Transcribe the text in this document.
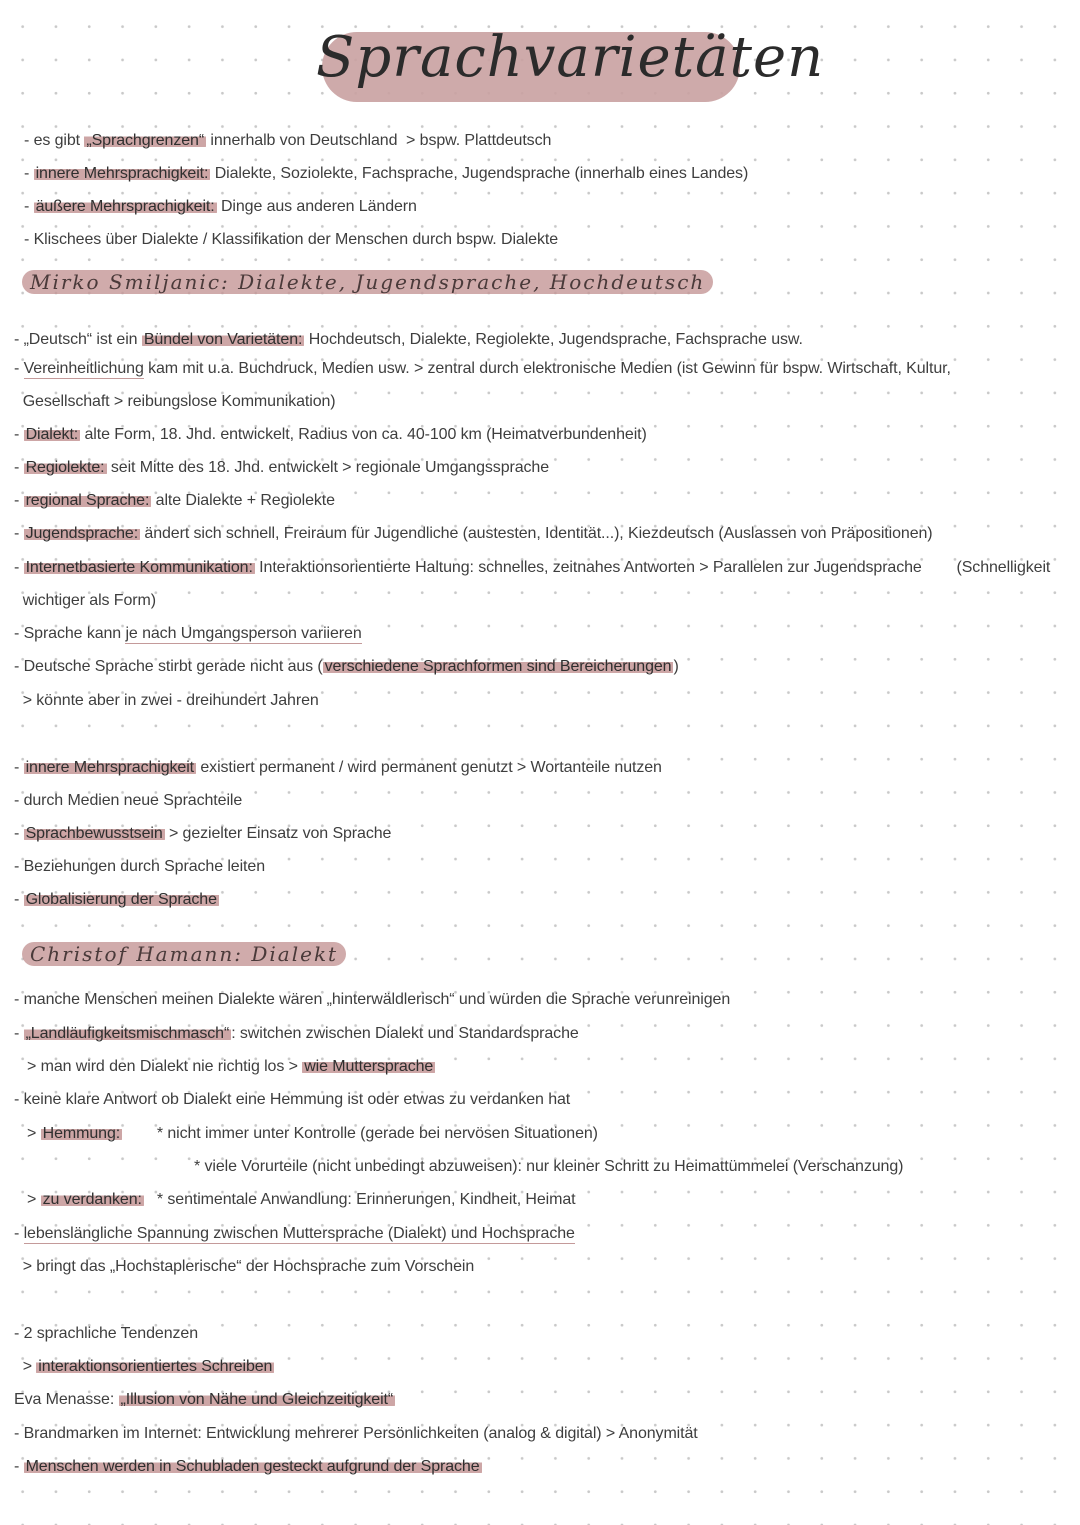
Sprachvarietäten
- es gibt „Sprachgrenzen“ innerhalb von Deutschland  > bspw. Plattdeutsch
- innere Mehrsprachigkeit: Dialekte, Soziolekte, Fachsprache, Jugendsprache (innerhalb eines Landes)
- äußere Mehrsprachigkeit: Dinge aus anderen Ländern
- Klischees über Dialekte / Klassifikation der Menschen durch bspw. Dialekte
- „Deutsch“ ist ein Bündel von Varietäten: Hochdeutsch, Dialekte, Regiolekte, Jugendsprache, Fachsprache usw.
- Vereinheitlichung kam mit u.a. Buchdruck, Medien usw. > zentral durch elektronische Medien (ist Gewinn für bspw. Wirtschaft, Kultur,
Gesellschaft > reibungslose Kommunikation)
- Dialekt: alte Form, 18. Jhd. entwickelt, Radius von ca. 40-100 km (Heimatverbundenheit)
- Regiolekte: seit Mitte des 18. Jhd. entwickelt > regionale Umgangssprache
- regional Sprache: alte Dialekte + Regiolekte
- Jugendsprache: ändert sich schnell, Freiraum für Jugendliche (austesten, Identität...), Kiezdeutsch (Auslassen von Präpositionen)
- Internetbasierte Kommunikation: Interaktionsorientierte Haltung: schnelles, zeitnahes Antworten > Parallelen zur Jugendsprache        (Schnelligkeit
wichtiger als Form)
- Sprache kann je nach Umgangsperson variieren
- Deutsche Sprache stirbt gerade nicht aus ( verschiedene Sprachformen sind Bereicherungen )
> könnte aber in zwei - dreihundert Jahren
- innere Mehrsprachigkeit existiert permanent / wird permanent genutzt > Wortanteile nutzen
- durch Medien neue Sprachteile
- Sprachbewusstsein > gezielter Einsatz von Sprache
- Beziehungen durch Sprache leiten
- Globalisierung der Sprache
- manche Menschen meinen Dialekte wären „hinterwäldlerisch“ und würden die Sprache verunreinigen
- „Landläufigkeitsmischmasch“ : switchen zwischen Dialekt und Standardsprache
> man wird den Dialekt nie richtig los > wie Muttersprache
- keine klare Antwort ob Dialekt eine Hemmung ist oder etwas zu verdanken hat
> Hemmung:        * nicht immer unter Kontrolle (gerade bei nervösen Situationen)
* viele Vorurteile (nicht unbedingt abzuweisen): nur kleiner Schritt zu Heimattümmelei (Verschanzung)
> zu verdanken:   * sentimentale Anwandlung: Erinnerungen, Kindheit, Heimat
- lebenslängliche Spannung zwischen Muttersprache (Dialekt) und Hochsprache
> bringt das „Hochstaplerische“ der Hochsprache zum Vorschein
- 2 sprachliche Tendenzen
> interaktionsorientiertes Schreiben
Eva Menasse: „Illusion von Nähe und Gleichzeitigkeit“
- Brandmarken im Internet: Entwicklung mehrerer Persönlichkeiten (analog & digital) > Anonymität
- Menschen werden in Schubladen gesteckt aufgrund der Sprache
Mirko Smiljanic: Dialekte, Jugendsprache, Hochdeutsch
Christof Hamann: Dialekt
